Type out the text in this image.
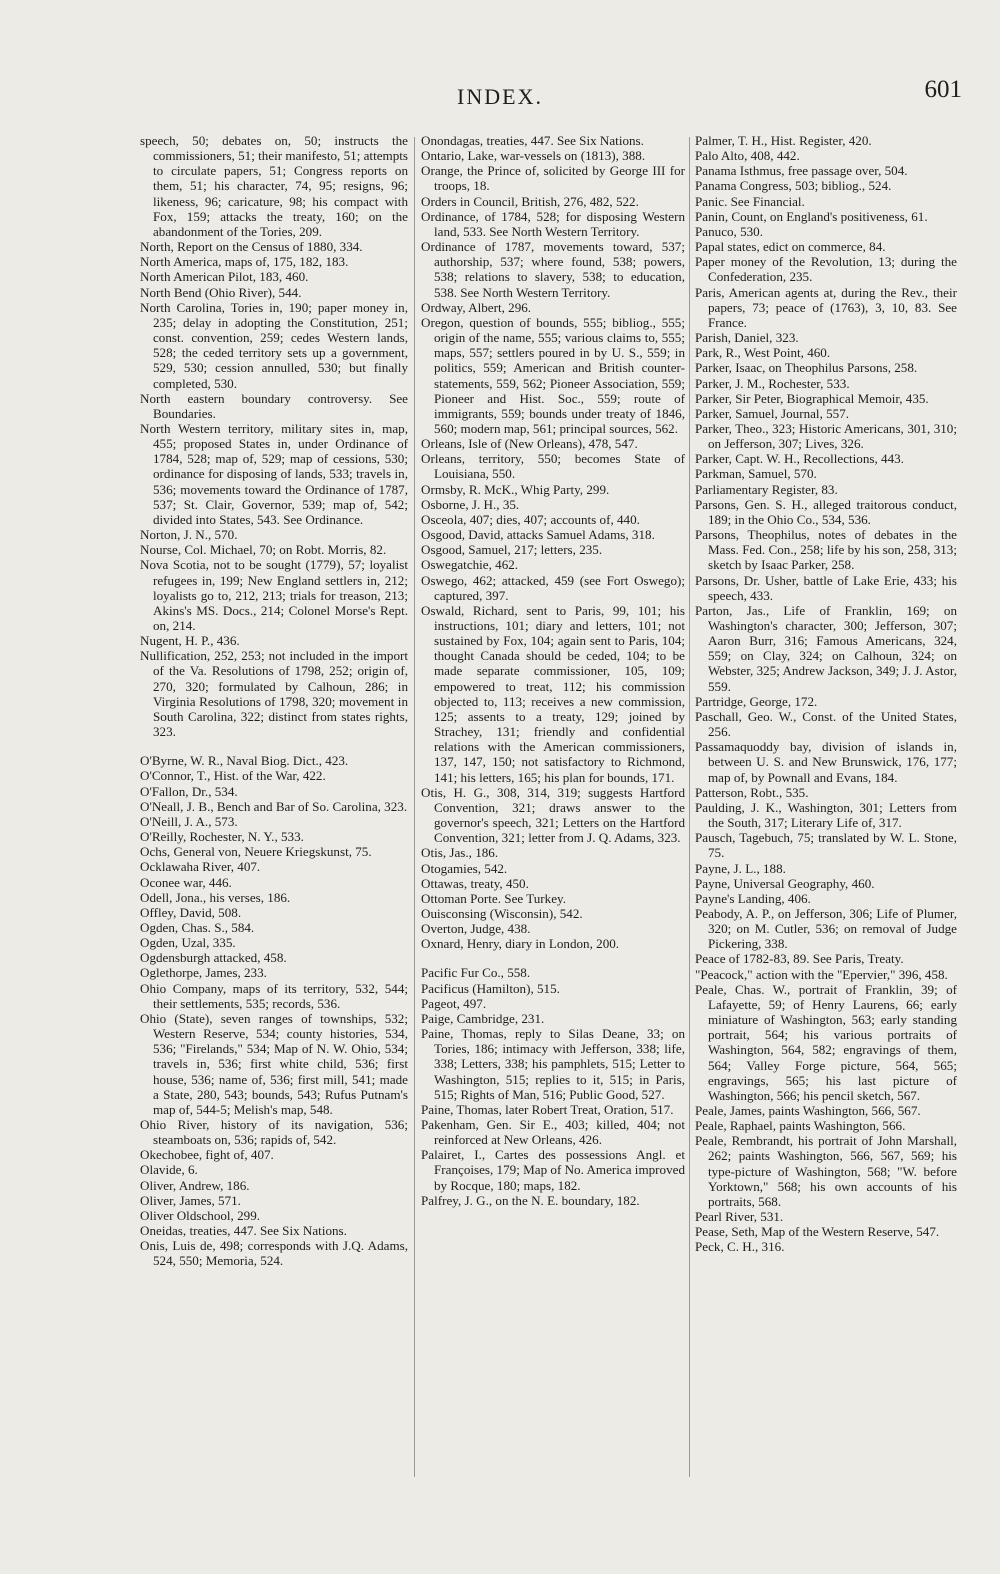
INDEX.	601

speech, 50; debates on, 50; instructs the commissioners, 51; their manifesto, 51; attempts to circulate papers, 51; Congress reports on them, 51; his character, 74, 95; resigns, 96; likeness, 96; caricature, 98; his compact with Fox, 159; attacks the treaty, 160; on the abandonment of the Tories, 209.

North, Report on the Census of 1880, 334.

North America, maps of, 175, 182, 183.

North American Pilot, 183, 460.

North Bend (Ohio River), 544.

North Carolina, Tories in, 190; paper money in, 235; delay in adopting the Constitution, 251; const. convention, 259; cedes Western lands, 528; the ceded territory sets up a government, 529, 530; cession annulled, 530; but finally completed, 530.

North eastern boundary controversy. See Boundaries.

North Western territory, military sites in, map, 455; proposed States in, under Ordinance of 1784, 528; map of, 529; map of cessions, 530; ordinance for disposing of lands, 533; travels in, 536; movements toward the Ordinance of 1787, 537; St. Clair, Governor, 539; map of, 542; divided into States, 543. See Ordinance.

Norton, J. N., 570.

Nourse, Col. Michael, 70; on Robt. Morris, 82.

Nova Scotia, not to be sought (1779), 57; loyalist refugees in, 199; New England settlers in, 212; loyalists go to, 212, 213; trials for treason, 213; Akins's MS. Docs., 214; Colonel Morse's Rept. on, 214.

Nugent, H. P., 436.

Nullification, 252, 253; not included in the import of the Va. Resolutions of 1798, 252; origin of, 270, 320; formulated by Calhoun, 286; in Virginia Resolutions of 1798, 320; movement in South Carolina, 322; distinct from states rights, 323.

O'Byrne, W. R., Naval Biog. Dict., 423.

O'Connor, T., Hist. of the War, 422.

O'Fallon, Dr., 534.

O'Neall, J. B., Bench and Bar of So. Carolina, 323.

O'Neill, J. A., 573.

O'Reilly, Rochester, N. Y., 533.

Ochs, General von, Neuere Kriegskunst, 75.

Ocklawaha River, 407.

Oconee war, 446.

Odell, Jona., his verses, 186.

Offley, David, 508.

Ogden, Chas. S., 584.

Ogden, Uzal, 335.

Ogdensburgh attacked, 458.

Oglethorpe, James, 233.

Ohio Company, maps of its territory, 532, 544; their settlements, 535; records, 536.

Ohio (State), seven ranges of townships, 532; Western Reserve, 534; county histories, 534, 536; "Firelands," 534; Map of N. W. Ohio, 534; travels in, 536; first white child, 536; first house, 536; name of, 536; first mill, 541; made a State, 280, 543; bounds, 543; Rufus Putnam's map of, 544-5; Melish's map, 548.

Ohio River, history of its navigation, 536; steamboats on, 536; rapids of, 542.

Okechobee, fight of, 407.

Olavide, 6.

Oliver, Andrew, 186.

Oliver, James, 571.

Oliver Oldschool, 299.

Oneidas, treaties, 447. See Six Nations.

Onis, Luis de, 498; corresponds with J.Q. Adams, 524, 550; Memoria, 524.

Onondagas, treaties, 447. See Six Nations.

Ontario, Lake, war-vessels on (1813), 388.

Orange, the Prince of, solicited by George III for troops, 18.

Orders in Council, British, 276, 482, 522.

Ordinance, of 1784, 528; for disposing Western land, 533. See North Western Territory.

Ordinance of 1787, movements toward, 537; authorship, 537; where found, 538; powers, 538; relations to slavery, 538; to education, 538. See North Western Territory.

Ordway, Albert, 296.

Oregon, question of bounds, 555; bibliog., 555; origin of the name, 555; various claims to, 555; maps, 557; settlers poured in by U. S., 559; in politics, 559; American and British counter-statements, 559, 562; Pioneer Association, 559; Pioneer and Hist. Soc., 559; route of immigrants, 559; bounds under treaty of 1846, 560; modern map, 561; principal sources, 562.

Orleans, Isle of (New Orleans), 478, 547.

Orleans, territory, 550; becomes State of Louisiana, 550.

Ormsby, R. McK., Whig Party, 299.

Osborne, J. H., 35.

Osceola, 407; dies, 407; accounts of, 440.

Osgood, David, attacks Samuel Adams, 318.

Osgood, Samuel, 217; letters, 235.

Oswegatchie, 462.

Oswego, 462; attacked, 459 (see Fort Oswego); captured, 397.

Oswald, Richard, sent to Paris, 99, 101; his instructions, 101; diary and letters, 101; not sustained by Fox, 104; again sent to Paris, 104; thought Canada should be ceded, 104; to be made separate commissioner, 105, 109; empowered to treat, 112; his commission objected to, 113; receives a new commission, 125; assents to a treaty, 129; joined by Strachey, 131; friendly and confidential relations with the American commissioners, 137, 147, 150; not satisfactory to Richmond, 141; his letters, 165; his plan for bounds, 171.

Otis, H. G., 308, 314, 319; suggests Hartford Convention, 321; draws answer to the governor's speech, 321; Letters on the Hartford Convention, 321; letter from J. Q. Adams, 323.

Otis, Jas., 186.

Otogamies, 542.

Ottawas, treaty, 450.

Ottoman Porte. See Turkey.

Ouisconsing (Wisconsin), 542.

Overton, Judge, 438.

Oxnard, Henry, diary in London, 200.

Pacific Fur Co., 558.

Pacificus (Hamilton), 515.

Pageot, 497.

Paige, Cambridge, 231.

Paine, Thomas, reply to Silas Deane, 33; on Tories, 186; intimacy with Jefferson, 338; life, 338; Letters, 338; his pamphlets, 515; Letter to Washington, 515; replies to it, 515; in Paris, 515; Rights of Man, 516; Public Good, 527.

Paine, Thomas, later Robert Treat, Oration, 517.

Pakenham, Gen. Sir E., 403; killed, 404; not reinforced at New Orleans, 426.

Palairet, I., Cartes des possessions Angl. et Françoises, 179; Map of No. America improved by Rocque, 180; maps, 182.

Palfrey, J. G., on the N. E. boundary, 182.

Palmer, T. H., Hist. Register, 420.

Palo Alto, 408, 442.

Panama Isthmus, free passage over, 504.

Panama Congress, 503; bibliog., 524.

Panic. See Financial.

Panin, Count, on England's positiveness, 61.

Panuco, 530.

Papal states, edict on commerce, 84.

Paper money of the Revolution, 13; during the Confederation, 235.

Paris, American agents at, during the Rev., their papers, 73; peace of (1763), 3, 10, 83. See France.

Parish, Daniel, 323.

Park, R., West Point, 460.

Parker, Isaac, on Theophilus Parsons, 258.

Parker, J. M., Rochester, 533.

Parker, Sir Peter, Biographical Memoir, 435.

Parker, Samuel, Journal, 557.

Parker, Theo., 323; Historic Americans, 301, 310; on Jefferson, 307; Lives, 326.

Parker, Capt. W. H., Recollections, 443.

Parkman, Samuel, 570.

Parliamentary Register, 83.

Parsons, Gen. S. H., alleged traitorous conduct, 189; in the Ohio Co., 534, 536.

Parsons, Theophilus, notes of debates in the Mass. Fed. Con., 258; life by his son, 258, 313; sketch by Isaac Parker, 258.

Parsons, Dr. Usher, battle of Lake Erie, 433; his speech, 433.

Parton, Jas., Life of Franklin, 169; on Washington's character, 300; Jefferson, 307; Aaron Burr, 316; Famous Americans, 324, 559; on Clay, 324; on Calhoun, 324; on Webster, 325; Andrew Jackson, 349; J. J. Astor, 559.

Partridge, George, 172.

Paschall, Geo. W., Const. of the United States, 256.

Passamaquoddy bay, division of islands in, between U. S. and New Brunswick, 176, 177; map of, by Pownall and Evans, 184.

Patterson, Robt., 535.

Paulding, J. K., Washington, 301; Letters from the South, 317; Literary Life of, 317.

Pausch, Tagebuch, 75; translated by W. L. Stone, 75.

Payne, J. L., 188.

Payne, Universal Geography, 460.

Payne's Landing, 406.

Peabody, A. P., on Jefferson, 306; Life of Plumer, 320; on M. Cutler, 536; on removal of Judge Pickering, 338.

Peace of 1782-83, 89. See Paris, Treaty.

"Peacock," action with the "Epervier," 396, 458.

Peale, Chas. W., portrait of Franklin, 39; of Lafayette, 59; of Henry Laurens, 66; early miniature of Washington, 563; early standing portrait, 564; his various portraits of Washington, 564, 582; engravings of them, 564; Valley Forge picture, 564, 565; engravings, 565; his last picture of Washington, 566; his pencil sketch, 567.

Peale, James, paints Washington, 566, 567.

Peale, Raphael, paints Washington, 566.

Peale, Rembrandt, his portrait of John Marshall, 262; paints Washington, 566, 567, 569; his type-picture of Washington, 568; "W. before Yorktown," 568; his own accounts of his portraits, 568.

Pearl River, 531.

Pease, Seth, Map of the Western Reserve, 547.

Peck, C. H., 316.
